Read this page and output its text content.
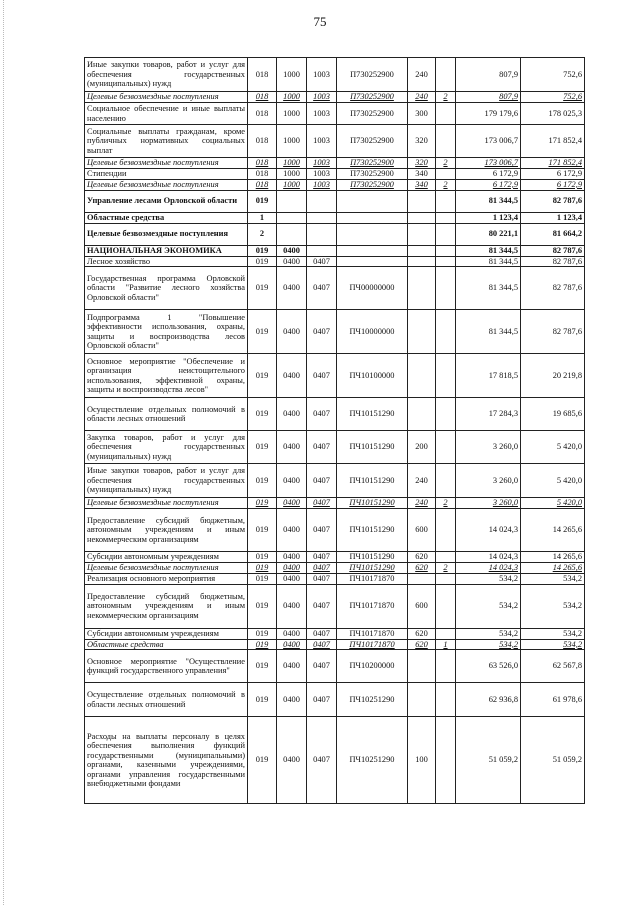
75
Иные закупки товаров, работ и услуг для обеспечения государственных (муниципальных) нужд	018	1000	1003	П730252900	240		807,9	752,6
Целевые безвозмездные поступления	018	1000	1003	П730252900	240	2	807,9	752,6
Социальное обеспечение и иные выплаты населению	018	1000	1003	П730252900	300		179 179,6	178 025,3
Социальные выплаты гражданам, кроме публичных нормативных социальных выплат	018	1000	1003	П730252900	320		173 006,7	171 852,4
Целевые безвозмездные поступления	018	1000	1003	П730252900	320	2	173 006,7	171 852,4
Стипендии	018	1000	1003	П730252900	340		6 172,9	6 172,9
Целевые безвозмездные поступления	018	1000	1003	П730252900	340	2	6 172,9	6 172,9
Управление лесами Орловской области	019						81 344,5	82 787,6
Областные средства	1						1 123,4	1 123,4
Целевые безвозмездные поступления	2						80 221,1	81 664,2
НАЦИОНАЛЬНАЯ ЭКОНОМИКА	019	0400					81 344,5	82 787,6
Лесное хозяйство	019	0400	0407				81 344,5	82 787,6
Государственная программа Орловской области "Развитие лесного хозяйства Орловской области"	019	0400	0407	ПЧ00000000			81 344,5	82 787,6
Подпрограмма 1 "Повышение эффективности использования, охраны, защиты и воспроизводства лесов Орловской области"	019	0400	0407	ПЧ10000000			81 344,5	82 787,6
Основное мероприятие "Обеспечение и организация неистощительного использования, эффективной охраны, защиты и воспроизводства лесов"	019	0400	0407	ПЧ10100000			17 818,5	20 219,8
Осуществление отдельных полномочий в области лесных отношений	019	0400	0407	ПЧ10151290			17 284,3	19 685,6
Закупка товаров, работ и услуг для обеспечения государственных (муниципальных) нужд	019	0400	0407	ПЧ10151290	200		3 260,0	5 420,0
Иные закупки товаров, работ и услуг для обеспечения государственных (муниципальных) нужд	019	0400	0407	ПЧ10151290	240		3 260,0	5 420,0
Целевые безвозмездные поступления	019	0400	0407	ПЧ10151290	240	2	3 260,0	5 420,0
Предоставление субсидий бюджетным, автономным учреждениям и иным некоммерческим организациям	019	0400	0407	ПЧ10151290	600		14 024,3	14 265,6
Субсидии автономным учреждениям	019	0400	0407	ПЧ10151290	620		14 024,3	14 265,6
Целевые безвозмездные поступления	019	0400	0407	ПЧ10151290	620	2	14 024,3	14 265,6
Реализация основного мероприятия	019	0400	0407	ПЧ10171870			534,2	534,2
Предоставление субсидий бюджетным, автономным учреждениям и иным некоммерческим организациям	019	0400	0407	ПЧ10171870	600		534,2	534,2
Субсидии автономным учреждениям	019	0400	0407	ПЧ10171870	620		534,2	534,2
Областные средства	019	0400	0407	ПЧ10171870	620	1	534,2	534,2
Основное мероприятие "Осуществление функций государственного управления"	019	0400	0407	ПЧ10200000			63 526,0	62 567,8
Осуществление отдельных полномочий в области лесных отношений	019	0400	0407	ПЧ10251290			62 936,8	61 978,6
Расходы на выплаты персоналу в целях обеспечения выполнения функций государственными (муниципальными) органами, казенными учреждениями, органами управления государственными внебюджетными фондами	019	0400	0407	ПЧ10251290	100		51 059,2	51 059,2
